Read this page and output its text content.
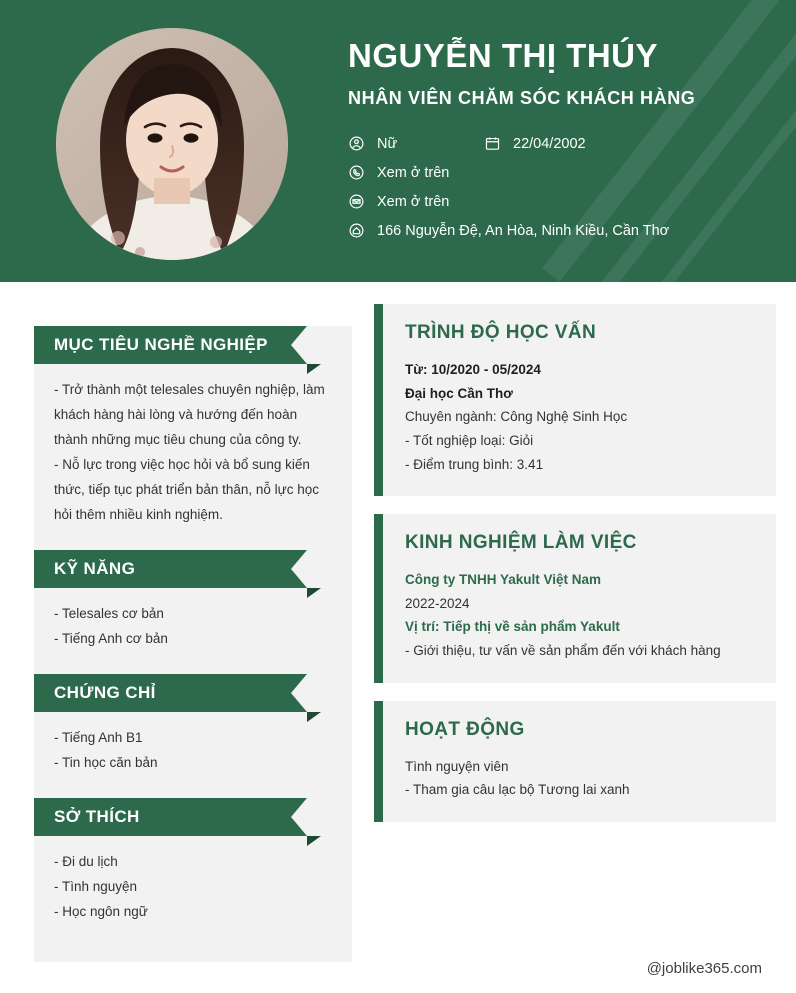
NGUYỄN THỊ THÚY
NHÂN VIÊN CHĂM SÓC KHÁCH HÀNG
Nữ	22/04/2002
Xem ở trên
Xem ở trên
166 Nguyễn Đệ, An Hòa, Ninh Kiều, Cần Thơ
MỤC TIÊU NGHỀ NGHIỆP

- Trở thành một telesales chuyên nghiệp, làm khách hàng hài lòng và hướng đến hoàn thành những mục tiêu chung của công ty.

- Nỗ lực trong việc học hỏi và bổ sung kiến thức, tiếp tục phát triển bản thân, nỗ lực học hỏi thêm nhiều kinh nghiệm.

KỸ NĂNG

- Telesales cơ bản

- Tiếng Anh cơ bản

CHỨNG CHỈ

- Tiếng Anh B1

- Tin học căn bản

SỞ THÍCH

- Đi du lịch

- Tình nguyện

- Học ngôn ngữ

TRÌNH ĐỘ HỌC VẤN

Từ: 10/2020 - 05/2024

Đại học Cần Thơ

Chuyên ngành: Công Nghệ Sinh Học

- Tốt nghiệp loại: Giỏi

- Điểm trung bình: 3.41

KINH NGHIỆM LÀM VIỆC

Công ty TNHH Yakult Việt Nam

2022-2024

Vị trí: Tiếp thị về sản phẩm Yakult

- Giới thiệu, tư vấn về sản phẩm đến với khách hàng

HOẠT ĐỘNG

Tình nguyện viên

- Tham gia câu lạc bộ Tương lai xanh

@joblike365.com
